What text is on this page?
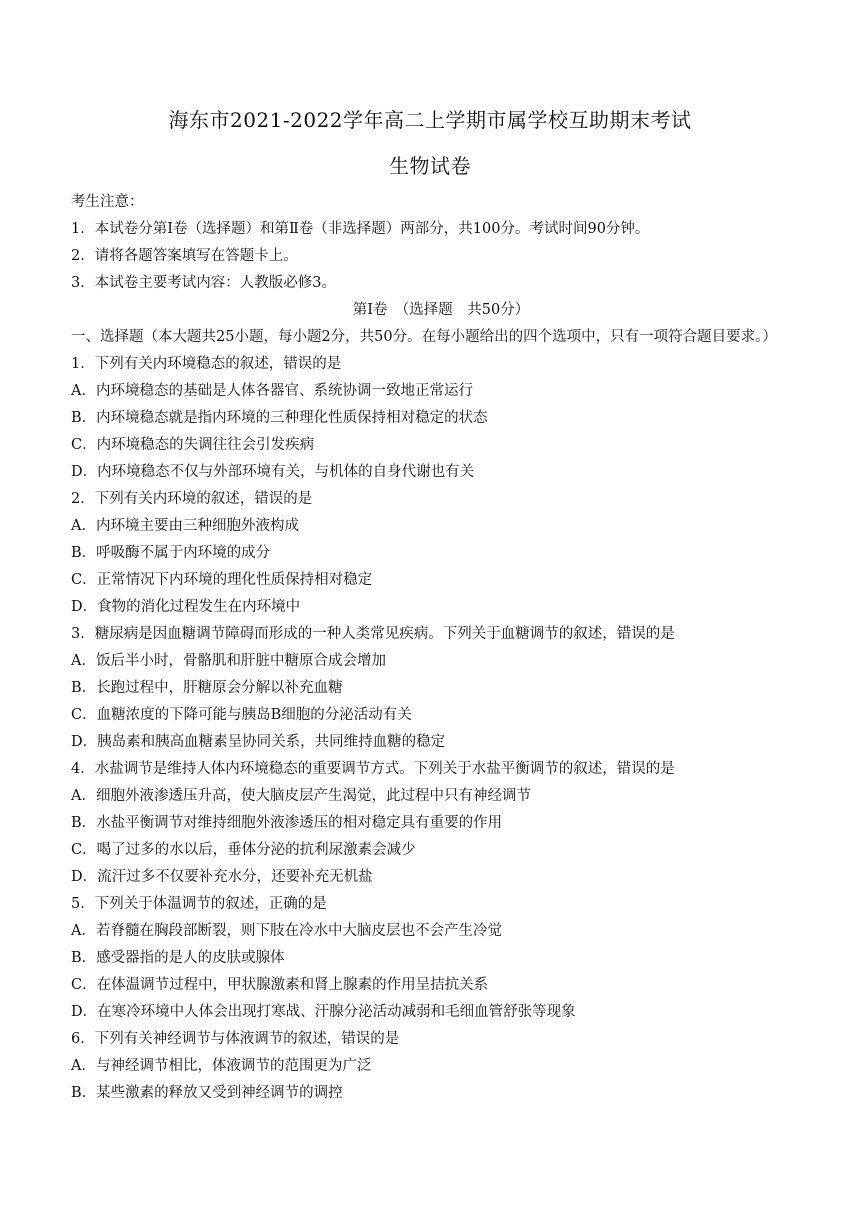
海东市2021-2022学年高二上学期市属学校互助期末考试
生物试卷
考生注意：
1．本试卷分第Ⅰ卷（选择题）和第Ⅱ卷（非选择题）两部分，共100分。考试时间90分钟。
2．请将各题答案填写在答题卡上。
3．本试卷主要考试内容：人教版必修3。
第Ⅰ卷　（选择题　共50分）
一、选择题（本大题共25小题，每小题2分，共50分。在每小题给出的四个选项中，只有一项符合题目要求。）
1．下列有关内环境稳态的叙述，错误的是
A．内环境稳态的基础是人体各器官、系统协调一致地正常运行
B．内环境稳态就是指内环境的三种理化性质保持相对稳定的状态
C．内环境稳态的失调往往会引发疾病
D．内环境稳态不仅与外部环境有关，与机体的自身代谢也有关
2．下列有关内环境的叙述，错误的是
A．内环境主要由三种细胞外液构成
B．呼吸酶不属于内环境的成分
C．正常情况下内环境的理化性质保持相对稳定
D．食物的消化过程发生在内环境中
3．糖尿病是因血糖调节障碍而形成的一种人类常见疾病。下列关于血糖调节的叙述，错误的是
A．饭后半小时，骨骼肌和肝脏中糖原合成会增加
B．长跑过程中，肝糖原会分解以补充血糖
C．血糖浓度的下降可能与胰岛B细胞的分泌活动有关
D．胰岛素和胰高血糖素呈协同关系，共同维持血糖的稳定
4．水盐调节是维持人体内环境稳态的重要调节方式。下列关于水盐平衡调节的叙述，错误的是
A．细胞外液渗透压升高，使大脑皮层产生渴觉，此过程中只有神经调节
B．水盐平衡调节对维持细胞外液渗透压的相对稳定具有重要的作用
C．喝了过多的水以后，垂体分泌的抗利尿激素会减少
D．流汗过多不仅要补充水分，还要补充无机盐
5．下列关于体温调节的叙述，正确的是
A．若脊髓在胸段部断裂，则下肢在冷水中大脑皮层也不会产生冷觉
B．感受器指的是人的皮肤或腺体
C．在体温调节过程中，甲状腺激素和肾上腺素的作用呈拮抗关系
D．在寒冷环境中人体会出现打寒战、汗腺分泌活动减弱和毛细血管舒张等现象
6．下列有关神经调节与体液调节的叙述，错误的是
A．与神经调节相比，体液调节的范围更为广泛
B．某些激素的释放又受到神经调节的调控
